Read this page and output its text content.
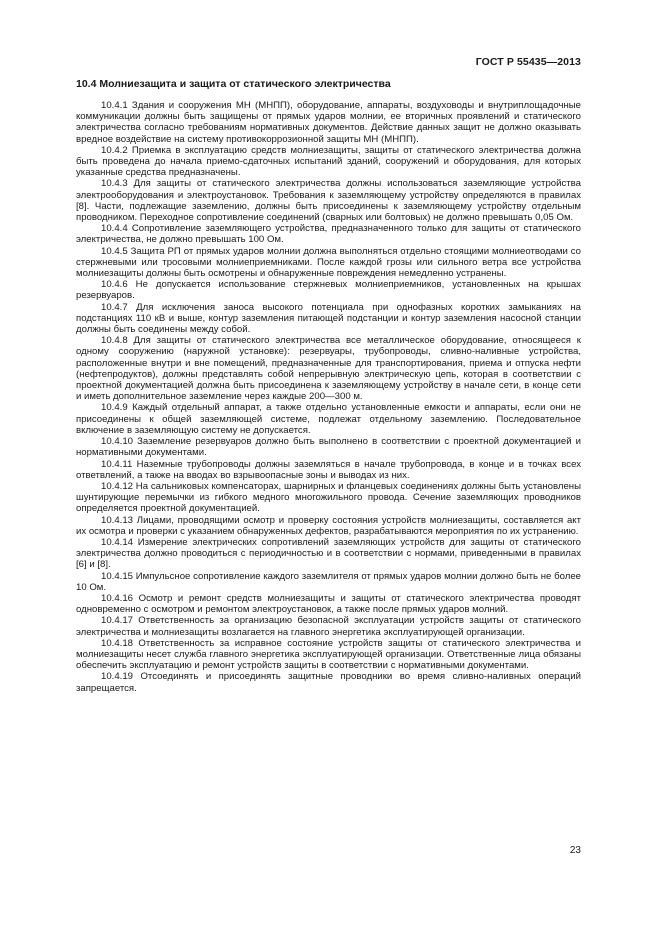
ГОСТ Р 55435—2013
10.4 Молниезащита и защита от статического электричества

10.4.1 Здания и сооружения МН (МНПП), оборудование, аппараты, воздуховоды и внутриплощадочные коммуникации должны быть защищены от прямых ударов молнии, ее вторичных проявлений и статического электричества согласно требованиям нормативных документов. Действие данных защит не должно оказывать вредное воздействие на систему противокоррозионной защиты МН (МНПП).

10.4.2 Приемка в эксплуатацию средств молниезащиты, защиты от статического электричества должна быть проведена до начала приемо-сдаточных испытаний зданий, сооружений и оборудования, для которых указанные средства предназначены.

10.4.3 Для защиты от статического электричества должны использоваться заземляющие устройства электрооборудования и электроустановок. Требования к заземляющему устройству определяются в правилах [8]. Части, подлежащие заземлению, должны быть присоединены к заземляющему устройству отдельным проводником. Переходное сопротивление соединений (сварных или болтовых) не должно превышать 0,05 Ом.

10.4.4 Сопротивление заземляющего устройства, предназначенного только для защиты от статического электричества, не должно превышать 100 Ом.

10.4.5 Защита РП от прямых ударов молнии должна выполняться отдельно стоящими молниеотводами со стержневыми или тросовыми молниеприемниками. После каждой грозы или сильного ветра все устройства молниезащиты должны быть осмотрены и обнаруженные повреждения немедленно устранены.

10.4.6 Не допускается использование стержневых молниеприемников, установленных на крышах резервуаров.

10.4.7 Для исключения заноса высокого потенциала при однофазных коротких замыканиях на подстанциях 110 кВ и выше, контур заземления питающей подстанции и контур заземления насосной станции должны быть соединены между собой.

10.4.8 Для защиты от статического электричества все металлическое оборудование, относящееся к одному сооружению (наружной установке): резервуары, трубопроводы, сливно-наливные устройства, расположенные внутри и вне помещений, предназначенные для транспортирования, приема и отпуска нефти (нефтепродуктов), должны представлять собой непрерывную электрическую цепь, которая в соответствии с проектной документацией должна быть присоединена к заземляющему устройству в начале сети, в конце сети и иметь дополнительное заземление через каждые 200—300 м.

10.4.9 Каждый отдельный аппарат, а также отдельно установленные емкости и аппараты, если они не присоединены к общей заземляющей системе, подлежат отдельному заземлению. Последовательное включение в заземляющую систему не допускается.

10.4.10 Заземление резервуаров должно быть выполнено в соответствии с проектной документацией и нормативными документами.

10.4.11 Наземные трубопроводы должны заземляться в начале трубопровода, в конце и в точках всех ответвлений, а также на вводах во взрывоопасные зоны и выводах из них.

10.4.12 На сальниковых компенсаторах, шарнирных и фланцевых соединениях должны быть установлены шунтирующие перемычки из гибкого медного многожильного провода. Сечение заземляющих проводников определяется проектной документацией.

10.4.13 Лицами, проводящими осмотр и проверку состояния устройств молниезащиты, составляется акт их осмотра и проверки с указанием обнаруженных дефектов, разрабатываются мероприятия по их устранению.

10.4.14 Измерение электрических сопротивлений заземляющих устройств для защиты от статического электричества должно проводиться с периодичностью и в соответствии с нормами, приведенными в правилах [6] и [8].

10.4.15 Импульсное сопротивление каждого заземлителя от прямых ударов молнии должно быть не более 10 Ом.

10.4.16 Осмотр и ремонт средств молниезащиты и защиты от статического электричества проводят одновременно с осмотром и ремонтом электроустановок, а также после прямых ударов молний.

10.4.17 Ответственность за организацию безопасной эксплуатации устройств защиты от статического электричества и молниезащиты возлагается на главного энергетика эксплуатирующей организации.

10.4.18 Ответственность за исправное состояние устройств защиты от статического электричества и молниезащиты несет служба главного энергетика эксплуатирующей организации. Ответственные лица обязаны обеспечить эксплуатацию и ремонт устройств защиты в соответствии с нормативными документами.

10.4.19 Отсоединять и присоединять защитные проводники во время сливно-наливных операций запрещается.

23
